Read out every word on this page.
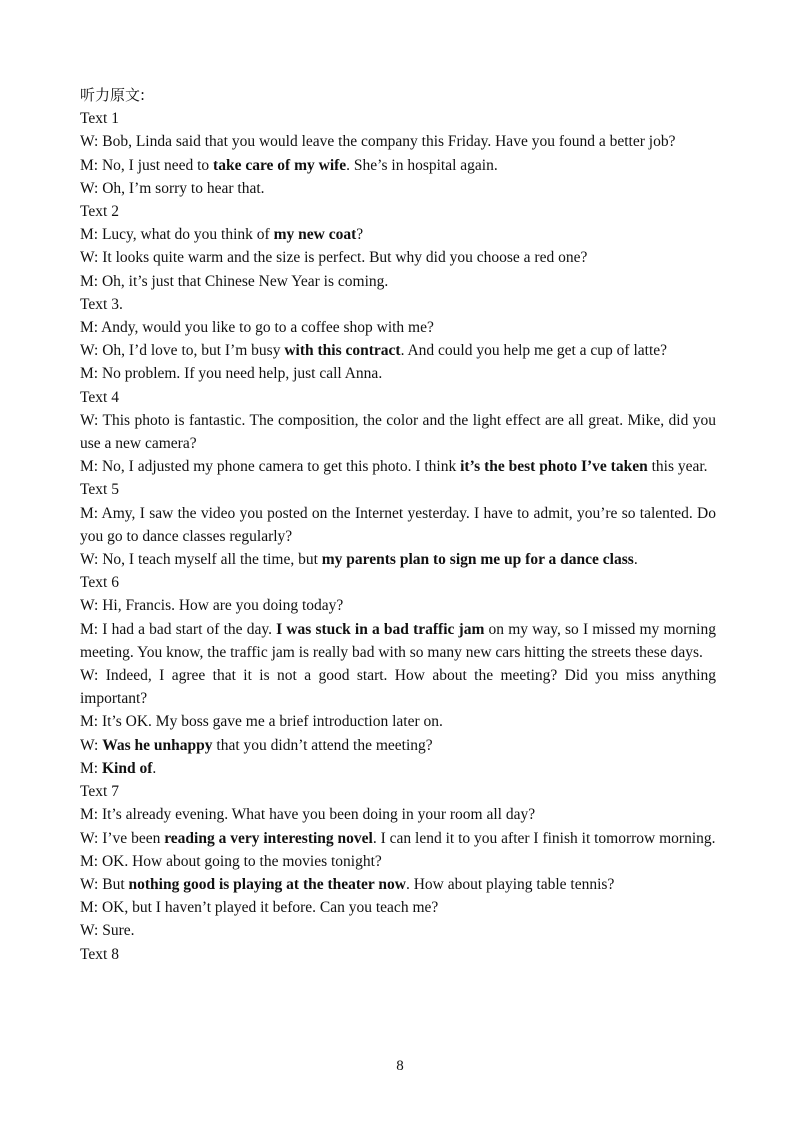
听力原文:
Text 1
W: Bob, Linda said that you would leave the company this Friday. Have you found a better job?
M: No, I just need to take care of my wife. She’s in hospital again.
W: Oh, I’m sorry to hear that.
Text 2
M: Lucy, what do you think of my new coat?
W: It looks quite warm and the size is perfect. But why did you choose a red one?
M: Oh, it’s just that Chinese New Year is coming.
Text 3.
M: Andy, would you like to go to a coffee shop with me?
W: Oh, I’d love to, but I’m busy with this contract. And could you help me get a cup of latte?
M: No problem. If you need help, just call Anna.
Text 4
W: This photo is fantastic. The composition, the color and the light effect are all great. Mike, did you use a new camera?
M: No, I adjusted my phone camera to get this photo. I think it’s the best photo I’ve taken this year.
Text 5
M: Amy, I saw the video you posted on the Internet yesterday. I have to admit, you’re so talented. Do you go to dance classes regularly?
W: No, I teach myself all the time, but my parents plan to sign me up for a dance class.
Text 6
W: Hi, Francis. How are you doing today?
M: I had a bad start of the day. I was stuck in a bad traffic jam on my way, so I missed my morning meeting. You know, the traffic jam is really bad with so many new cars hitting the streets these days.
W: Indeed, I agree that it is not a good start. How about the meeting? Did you miss anything important?
M: It’s OK. My boss gave me a brief introduction later on.
W: Was he unhappy that you didn’t attend the meeting?
M: Kind of.
Text 7
M: It’s already evening. What have you been doing in your room all day?
W: I’ve been reading a very interesting novel. I can lend it to you after I finish it tomorrow morning.
M: OK. How about going to the movies tonight?
W: But nothing good is playing at the theater now. How about playing table tennis?
M: OK, but I haven’t played it before. Can you teach me?
W: Sure.
Text 8
8
